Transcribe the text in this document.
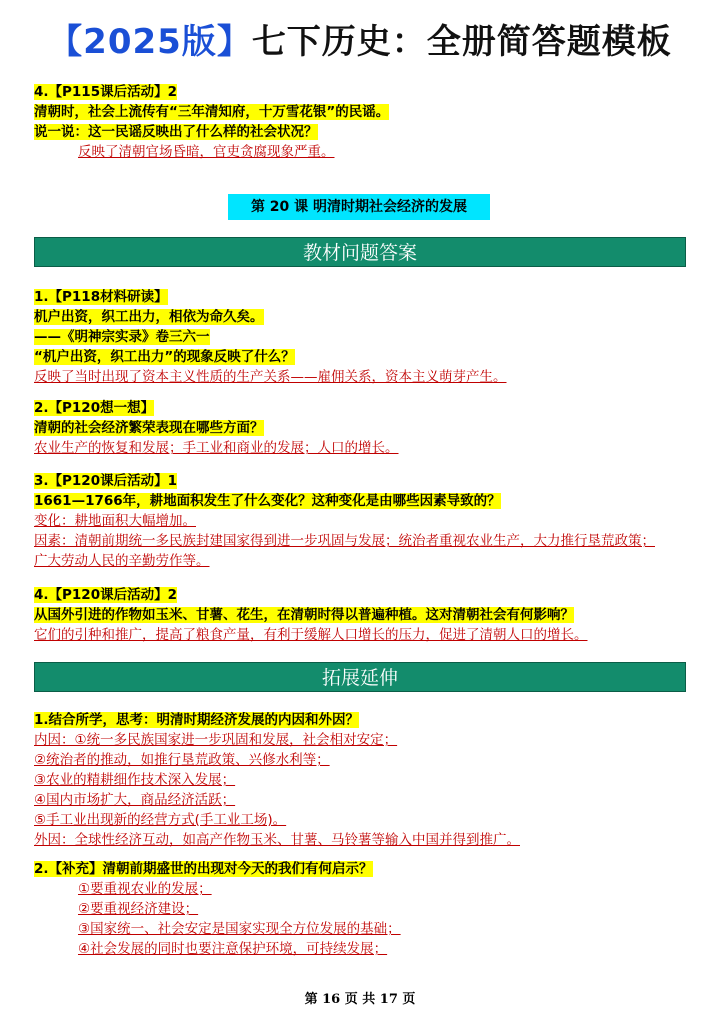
【2025版】七下历史：全册简答题模板
4.【P115课后活动】2
清朝时，社会上流传有“三年清知府，十万雪花银”的民谣。
说一说：这一民谣反映出了什么样的社会状况？
反映了清朝官场昏暗，官吏贪腐现象严重。
第 20 课 明清时期社会经济的发展
教材问题答案
1.【P118材料研读】
机户出资，织工出力，相依为命久矣。
——《明神宗实录》卷三六一
“机户出资，织工出力”的现象反映了什么？
反映了当时出现了资本主义性质的生产关系——雇佣关系，资本主义萌芽产生。
2.【P120想一想】
清朝的社会经济繁荣表现在哪些方面？
农业生产的恢复和发展；手工业和商业的发展；人口的增长。
3.【P120课后活动】1
1661—1766年，耕地面积发生了什么变化？这种变化是由哪些因素导致的？
变化：耕地面积大幅增加。
因素：清朝前期统一多民族封建国家得到进一步巩固与发展；统治者重视农业生产，大力推行垦荒政策；
广大劳动人民的辛勤劳作等。
4.【P120课后活动】2
从国外引进的作物如玉米、甘薯、花生，在清朝时得以普遍种植。这对清朝社会有何影响？
它们的引种和推广，提高了粮食产量，有利于缓解人口增长的压力，促进了清朝人口的增长。
拓展延伸
1.结合所学，思考：明清时期经济发展的内因和外因？
内因：①统一多民族国家进一步巩固和发展，社会相对安定；
②统治者的推动，如推行垦荒政策、兴修水利等；
③农业的精耕细作技术深入发展；
④国内市场扩大，商品经济活跃；
⑤手工业出现新的经营方式(手工业工场)。
外因：全球性经济互动，如高产作物玉米、甘薯、马铃薯等输入中国并得到推广。
2.【补充】清朝前期盛世的出现对今天的我们有何启示？
①要重视农业的发展；
②要重视经济建设；
③国家统一、社会安定是国家实现全方位发展的基础；
④社会发展的同时也要注意保护环境，可持续发展；
第 16 页 共 17 页
